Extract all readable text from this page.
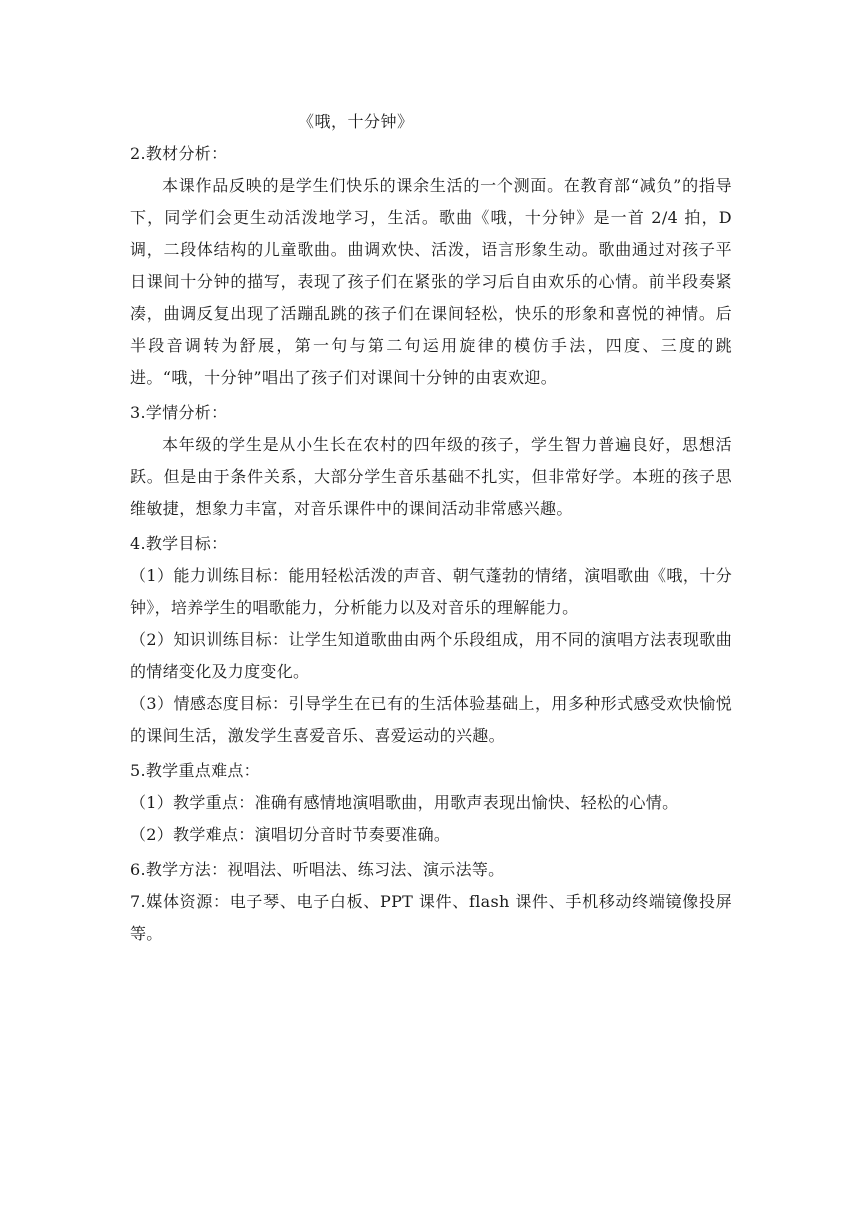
《哦，十分钟》
2.教材分析：

本课作品反映的是学生们快乐的课余生活的一个测面。在教育部“减负”的指导下，同学们会更生动活泼地学习，生活。歌曲《哦，十分钟》是一首 2/4 拍，D 调，二段体结构的儿童歌曲。曲调欢快、活泼，语言形象生动。歌曲通过对孩子平日课间十分钟的描写，表现了孩子们在紧张的学习后自由欢乐的心情。前半段奏紧凑，曲调反复出现了活蹦乱跳的孩子们在课间轻松，快乐的形象和喜悦的神情。后半段音调转为舒展，第一句与第二句运用旋律的模仿手法，四度、三度的跳进。“哦，十分钟”唱出了孩子们对课间十分钟的由衷欢迎。

3.学情分析：

本年级的学生是从小生长在农村的四年级的孩子，学生智力普遍良好，思想活跃。但是由于条件关系，大部分学生音乐基础不扎实，但非常好学。本班的孩子思维敏捷，想象力丰富，对音乐课件中的课间活动非常感兴趣。

4.教学目标：

（1）能力训练目标：能用轻松活泼的声音、朝气蓬勃的情绪，演唱歌曲《哦，十分钟》，培养学生的唱歌能力，分析能力以及对音乐的理解能力。

（2）知识训练目标：让学生知道歌曲由两个乐段组成，用不同的演唱方法表现歌曲的情绪变化及力度变化。

（3）情感态度目标：引导学生在已有的生活体验基础上，用多种形式感受欢快愉悦的课间生活，激发学生喜爱音乐、喜爱运动的兴趣。

5.教学重点难点：

（1）教学重点：准确有感情地演唱歌曲，用歌声表现出愉快、轻松的心情。

（2）教学难点：演唱切分音时节奏要准确。

6.教学方法：视唱法、听唱法、练习法、演示法等。

7.媒体资源：电子琴、电子白板、PPT 课件、flash 课件、手机移动终端镜像投屏等。
